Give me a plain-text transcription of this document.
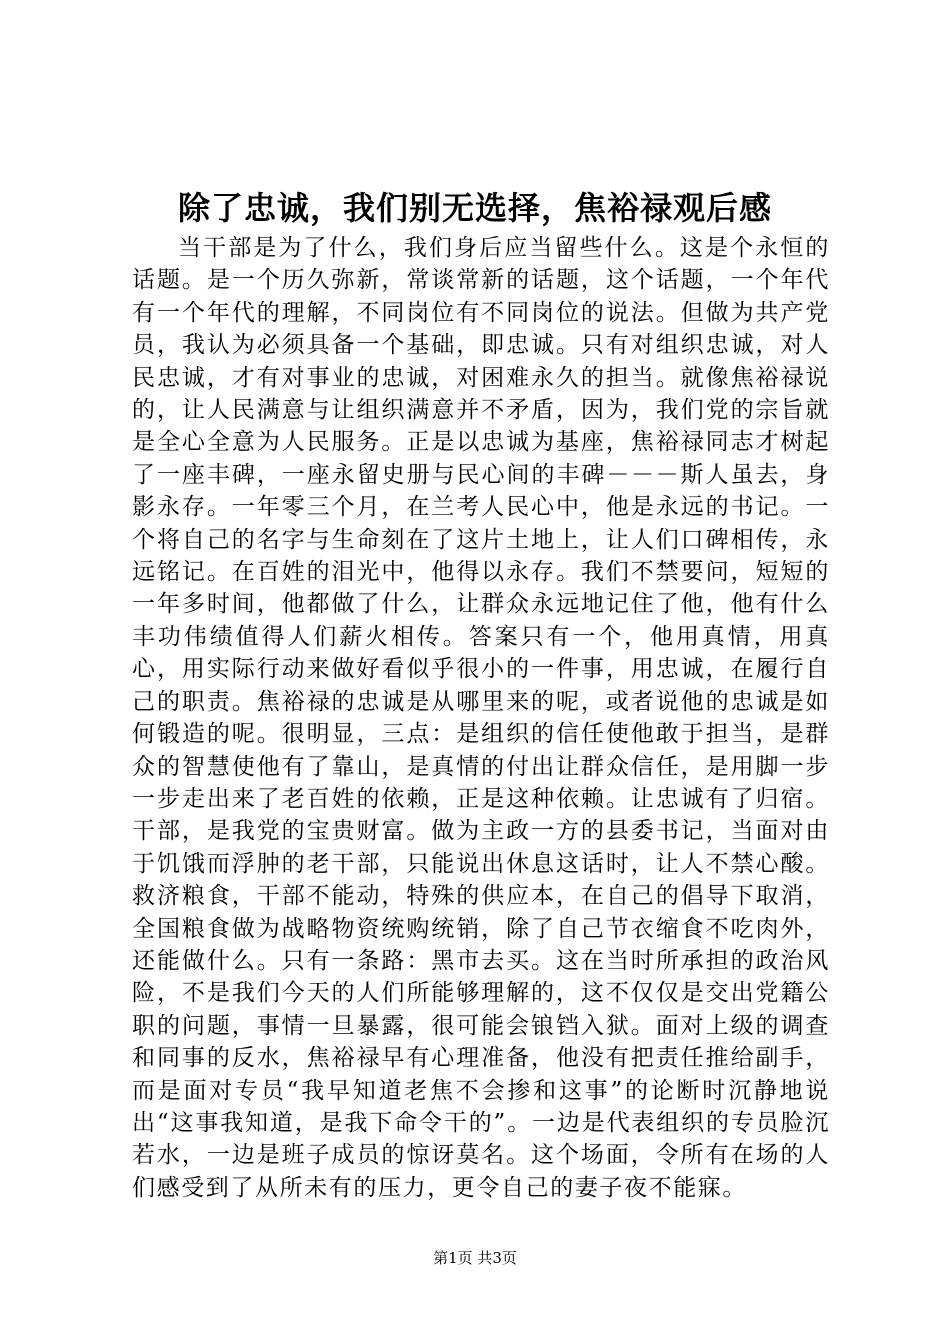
除了忠诚，我们别无选择，焦裕禄观后感

当干部是为了什么，我们身后应当留些什么。这是个永恒的话题。是一个历久弥新，常谈常新的话题，这个话题，一个年代有一个年代的理解，不同岗位有不同岗位的说法。但做为共产党员，我认为必须具备一个基础，即忠诚。只有对组织忠诚，对人民忠诚，才有对事业的忠诚，对困难永久的担当。就像焦裕禄说的，让人民满意与让组织满意并不矛盾，因为，我们党的宗旨就是全心全意为人民服务。正是以忠诚为基座，焦裕禄同志才树起了一座丰碑，一座永留史册与民心间的丰碑－－－斯人虽去，身影永存。一年零三个月，在兰考人民心中，他是永远的书记。一个将自己的名字与生命刻在了这片土地上，让人们口碑相传，永远铭记。在百姓的泪光中，他得以永存。我们不禁要问，短短的一年多时间，他都做了什么，让群众永远地记住了他，他有什么丰功伟绩值得人们薪火相传。答案只有一个，他用真情，用真心，用实际行动来做好看似乎很小的一件事，用忠诚，在履行自己的职责。焦裕禄的忠诚是从哪里来的呢，或者说他的忠诚是如何锻造的呢。很明显，三点：是组织的信任使他敢于担当，是群众的智慧使他有了靠山，是真情的付出让群众信任，是用脚一步一步走出来了老百姓的依赖，正是这种依赖。让忠诚有了归宿。干部，是我党的宝贵财富。做为主政一方的县委书记，当面对由于饥饿而浮肿的老干部，只能说出休息这话时，让人不禁心酸。救济粮食，干部不能动，特殊的供应本，在自己的倡导下取消，全国粮食做为战略物资统购统销，除了自己节衣缩食不吃肉外，还能做什么。只有一条路：黑市去买。这在当时所承担的政治风险，不是我们今天的人们所能够理解的，这不仅仅是交出党籍公职的问题，事情一旦暴露，很可能会锒铛入狱。面对上级的调查和同事的反水，焦裕禄早有心理准备，他没有把责任推给副手，而是面对专员“我早知道老焦不会掺和这事”的论断时沉静地说出“这事我知道，是我下命令干的”。一边是代表组织的专员脸沉若水，一边是班子成员的惊讶莫名。这个场面，令所有在场的人们感受到了从所未有的压力，更令自己的妻子夜不能寐。

第1页 共3页
